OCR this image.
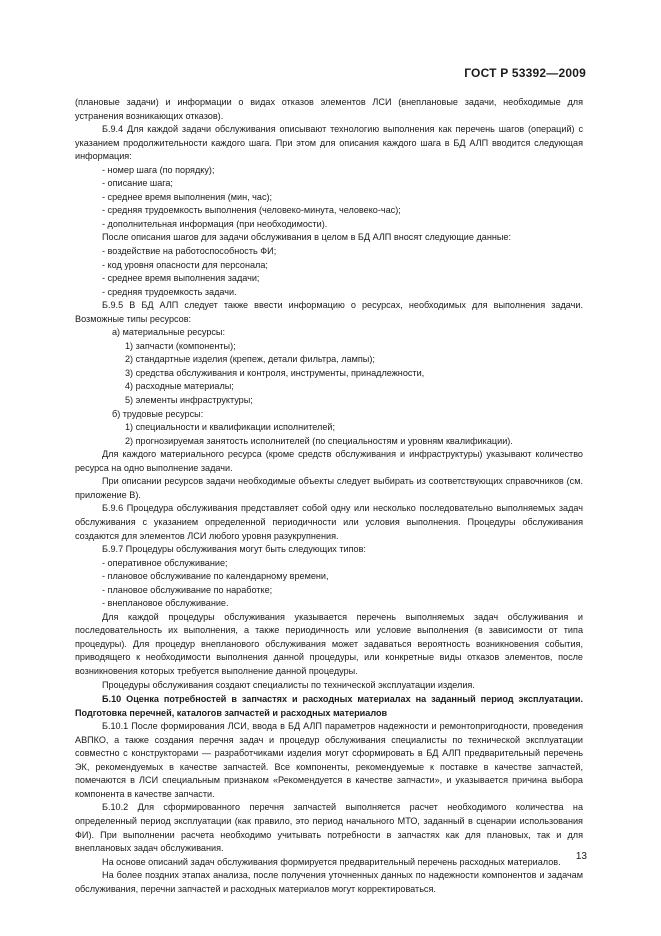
ГОСТ Р 53392—2009

(плановые задачи) и информации о видах отказов элементов ЛСИ (внеплановые задачи, необходимые для устранения возникающих отказов).

Б.9.4 Для каждой задачи обслуживания описывают технологию выполнения как перечень шагов (операций) с указанием продолжительности каждого шага. При этом для описания каждого шага в БД АЛП вводится следующая информация:

- номер шага (по порядку);

- описание шага;

- среднее время выполнения (мин, час);

- средняя трудоемкость выполнения (человеко-минута, человеко-час);

- дополнительная информация (при необходимости).

После описания шагов для задачи обслуживания в целом в БД АЛП вносят следующие данные:

- воздействие на работоспособность ФИ;

- код уровня опасности для персонала;

- среднее время выполнения задачи;

- средняя трудоемкость задачи.

Б.9.5 В БД АЛП следует также ввести информацию о ресурсах, необходимых для выполнения задачи. Возможные типы ресурсов:

а) материальные ресурсы:

1) запчасти (компоненты);

2) стандартные изделия (крепеж, детали фильтра, лампы);

3) средства обслуживания и контроля, инструменты, принадлежности,

4) расходные материалы;

5) элементы инфраструктуры;

б) трудовые ресурсы:

1) специальности и квалификации исполнителей;

2) прогнозируемая занятость исполнителей (по специальностям и уровням квалификации).

Для каждого материального ресурса (кроме средств обслуживания и инфраструктуры) указывают количество ресурса на одно выполнение задачи.

При описании ресурсов задачи необходимые объекты следует выбирать из соответствующих справочников (см. приложение В).

Б.9.6 Процедура обслуживания представляет собой одну или несколько последовательно выполняемых задач обслуживания с указанием определенной периодичности или условия выполнения. Процедуры обслуживания создаются для элементов ЛСИ любого уровня разукрупнения.

Б.9.7 Процедуры обслуживания могут быть следующих типов:

- оперативное обслуживание;

- плановое обслуживание по календарному времени,

- плановое обслуживание по наработке;

- внеплановое обслуживание.

Для каждой процедуры обслуживания указывается перечень выполняемых задач обслуживания и последовательность их выполнения, а также периодичность или условие выполнения (в зависимости от типа процедуры). Для процедур внепланового обслуживания может задаваться вероятность возникновения события, приводящего к необходимости выполнения данной процедуры, или конкретные виды отказов элементов, после возникновения которых требуется выполнение данной процедуры.

Процедуры обслуживания создают специалисты по технической эксплуатации изделия.

Б.10 Оценка потребностей в запчастях и расходных материалах на заданный период эксплуатации. Подготовка перечней, каталогов запчастей и расходных материалов

Б.10.1 После формирования ЛСИ, ввода в БД АЛП параметров надежности и ремонтопригодности, проведения АВПКО, а также создания перечня задач и процедур обслуживания специалисты по технической эксплуатации совместно с конструкторами — разработчиками изделия могут сформировать в БД АЛП предварительный перечень ЭК, рекомендуемых в качестве запчастей. Все компоненты, рекомендуемые к поставке в качестве запчастей, помечаются в ЛСИ специальным признаком «Рекомендуется в качестве запчасти», и указывается причина выбора компонента в качестве запчасти.

Б.10.2 Для сформированного перечня запчастей выполняется расчет необходимого количества на определенный период эксплуатации (как правило, это период начального МТО, заданный в сценарии использования ФИ). При выполнении расчета необходимо учитывать потребности в запчастях как для плановых, так и для внеплановых задач обслуживания.

На основе описаний задач обслуживания формируется предварительный перечень расходных материалов.

На более поздних этапах анализа, после получения уточненных данных по надежности компонентов и задачам обслуживания, перечни запчастей и расходных материалов могут корректироваться.

13
